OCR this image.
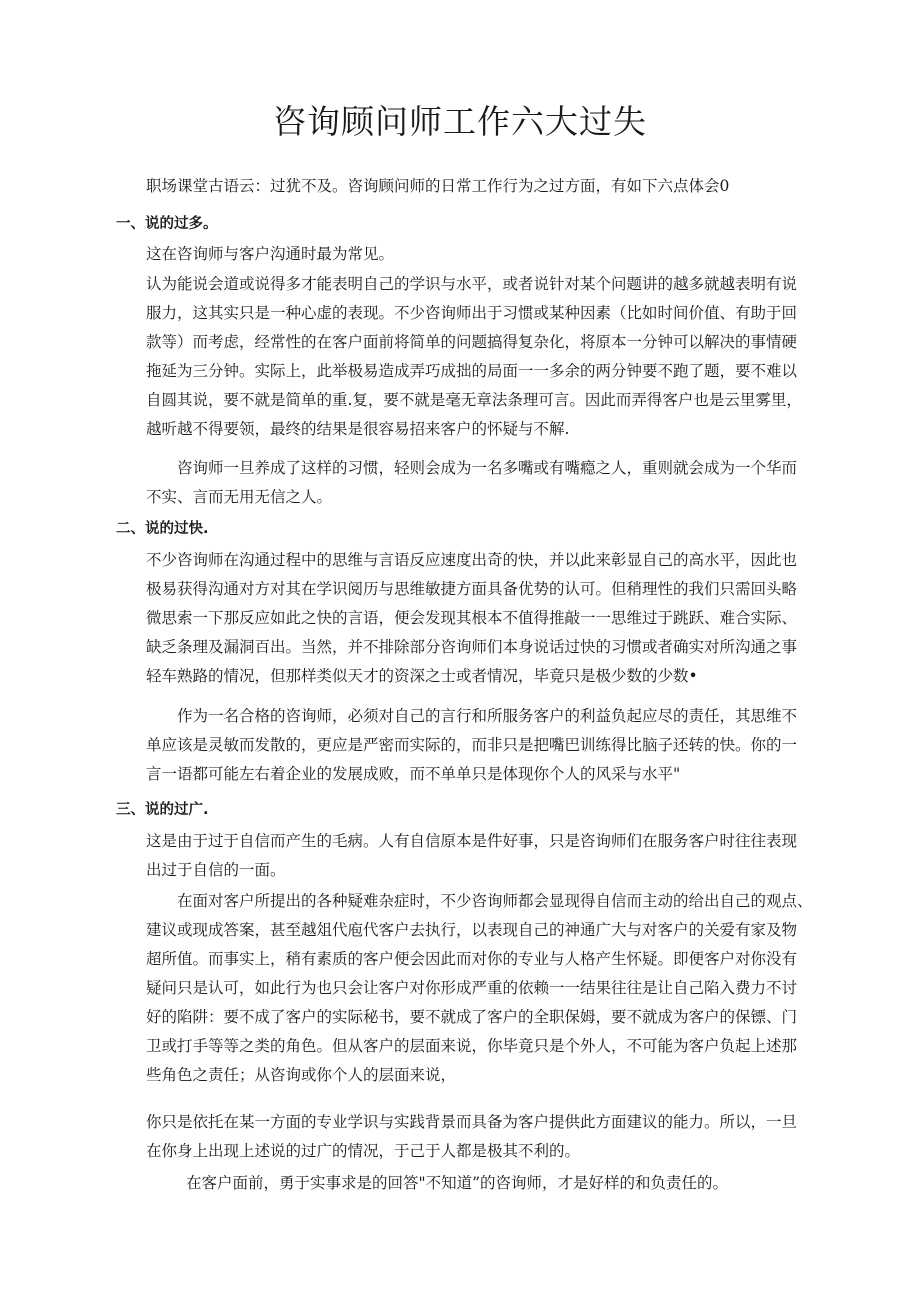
咨询顾问师工作六大过失

职场课堂古语云：过犹不及。咨询顾问师的日常工作行为之过方面，有如下六点体会0

一、说的过多。

这在咨询师与客户沟通时最为常见。

认为能说会道或说得多才能表明自己的学识与水平，或者说针对某个问题讲的越多就越表明有说

服力，这其实只是一种心虚的表现。不少咨询师出于习惯或某种因素（比如时间价值、有助于回

款等）而考虑，经常性的在客户面前将简单的问题搞得复杂化，将原本一分钟可以解决的事情硬

拖延为三分钟。实际上，此举极易造成弄巧成拙的局面一一多余的两分钟要不跑了题，要不难以

自圆其说，要不就是简单的重.复，要不就是毫无章法条理可言。因此而弄得客户也是云里雾里，

越听越不得要领，最终的结果是很容易招来客户的怀疑与不解.

咨询师一旦养成了这样的习惯，轻则会成为一名多嘴或有嘴瘾之人，重则就会成为一个华而

不实、言而无用无信之人。

二、说的过快.

不少咨询师在沟通过程中的思维与言语反应速度出奇的快，并以此来彰显自己的高水平，因此也

极易获得沟通对方对其在学识阅历与思维敏捷方面具备优势的认可。但稍理性的我们只需回头略

微思索一下那反应如此之快的言语，便会发现其根本不值得推敲一一思维过于跳跃、难合实际、

缺乏条理及漏洞百出。当然，并不排除部分咨询师们本身说话过快的习惯或者确实对所沟通之事

轻车熟路的情况，但那样类似天才的资深之士或者情况，毕竟只是极少数的少数•

作为一名合格的咨询师，必须对自己的言行和所服务客户的利益负起应尽的责任，其思维不

单应该是灵敏而发散的，更应是严密而实际的，而非只是把嘴巴训练得比脑子还转的快。你的一

言一语都可能左右着企业的发展成败，而不单单只是体现你个人的风采与水平"

三、说的过广.

这是由于过于自信而产生的毛病。人有自信原本是件好事，只是咨询师们在服务客户时往往表现

出过于自信的一面。

在面对客户所提出的各种疑难杂症时，不少咨询师都会显现得自信而主动的给出自己的观点、

建议或现成答案，甚至越俎代庖代客户去执行，以表现自己的神通广大与对客户的关爱有家及物

超所值。而事实上，稍有素质的客户便会因此而对你的专业与人格产生怀疑。即便客户对你没有

疑问只是认可，如此行为也只会让客户对你形成严重的依赖一一结果往往是让自己陷入费力不讨

好的陷阱：要不成了客户的实际秘书，要不就成了客户的全职保姆，要不就成为客户的保镖、门

卫或打手等等之类的角色。但从客户的层面来说，你毕竟只是个外人，不可能为客户负起上述那

些角色之责任；从咨询或你个人的层面来说，

你只是依托在某一方面的专业学识与实践背景而具备为客户提供此方面建议的能力。所以，一旦

在你身上出现上述说的过广的情况，于己于人都是极其不利的。

在客户面前，勇于实事求是的回答"不知道”的咨询师，才是好样的和负责任的。
